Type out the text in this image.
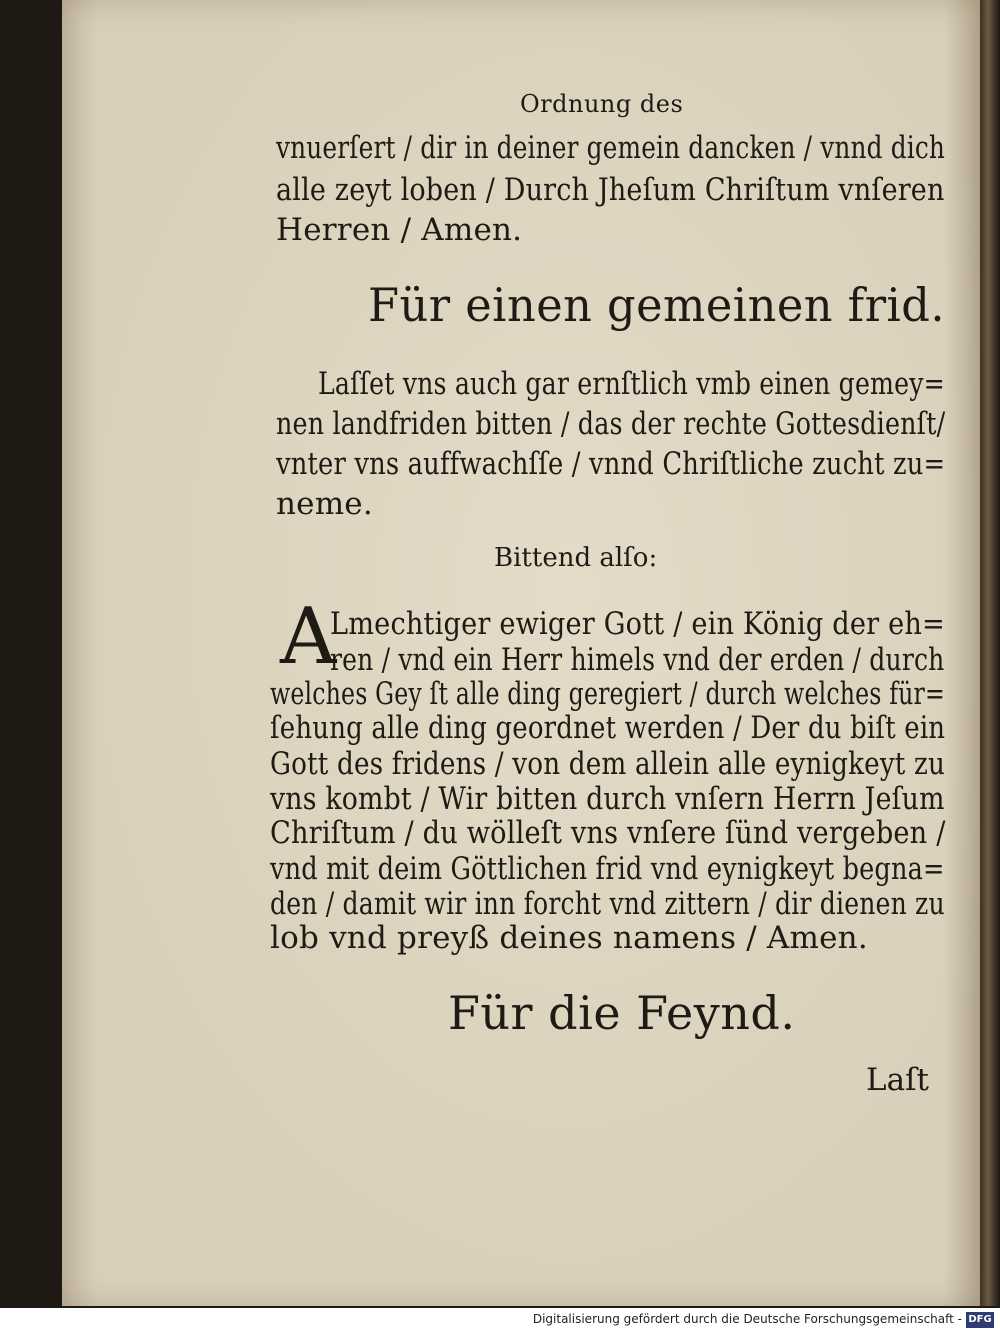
Ordnung des
vnuerſert / dir in deiner gemein dancken / vnnd dich
alle zeyt loben / Durch Jheſum Chriſtum vnſeren
Herren / Amen.
Für einen gemeinen frid.
Laſſet vns auch gar ernſtlich vmb einen gemey=
nen landfriden bitten / das der rechte Gottesdienſt/
vnter vns auffwachſſe / vnnd Chriſtliche zucht zu=
neme.
Bittend alſo:
A
Lmechtiger ewiger Gott / ein König der eh=
ren / vnd ein Herr himels vnd der erden / durch
welches Gey ſt alle ding geregiert / durch welches für=
ſehung alle ding geordnet werden / Der du biſt ein
Gott des fridens / von dem allein alle eynigkeyt zu
vns kombt / Wir bitten durch vnſern Herrn Jeſum
Chriſtum / du wölleſt vns vnſere ſünd vergeben /
vnd mit deim Göttlichen frid vnd eynigkeyt begna=
den / damit wir inn forcht vnd zittern / dir dienen zu
lob vnd preyß deines namens / Amen.
Für die Feynd.
Laſt
Digitalisierung gefördert durch die Deutsche Forschungsgemeinschaft - DFG
